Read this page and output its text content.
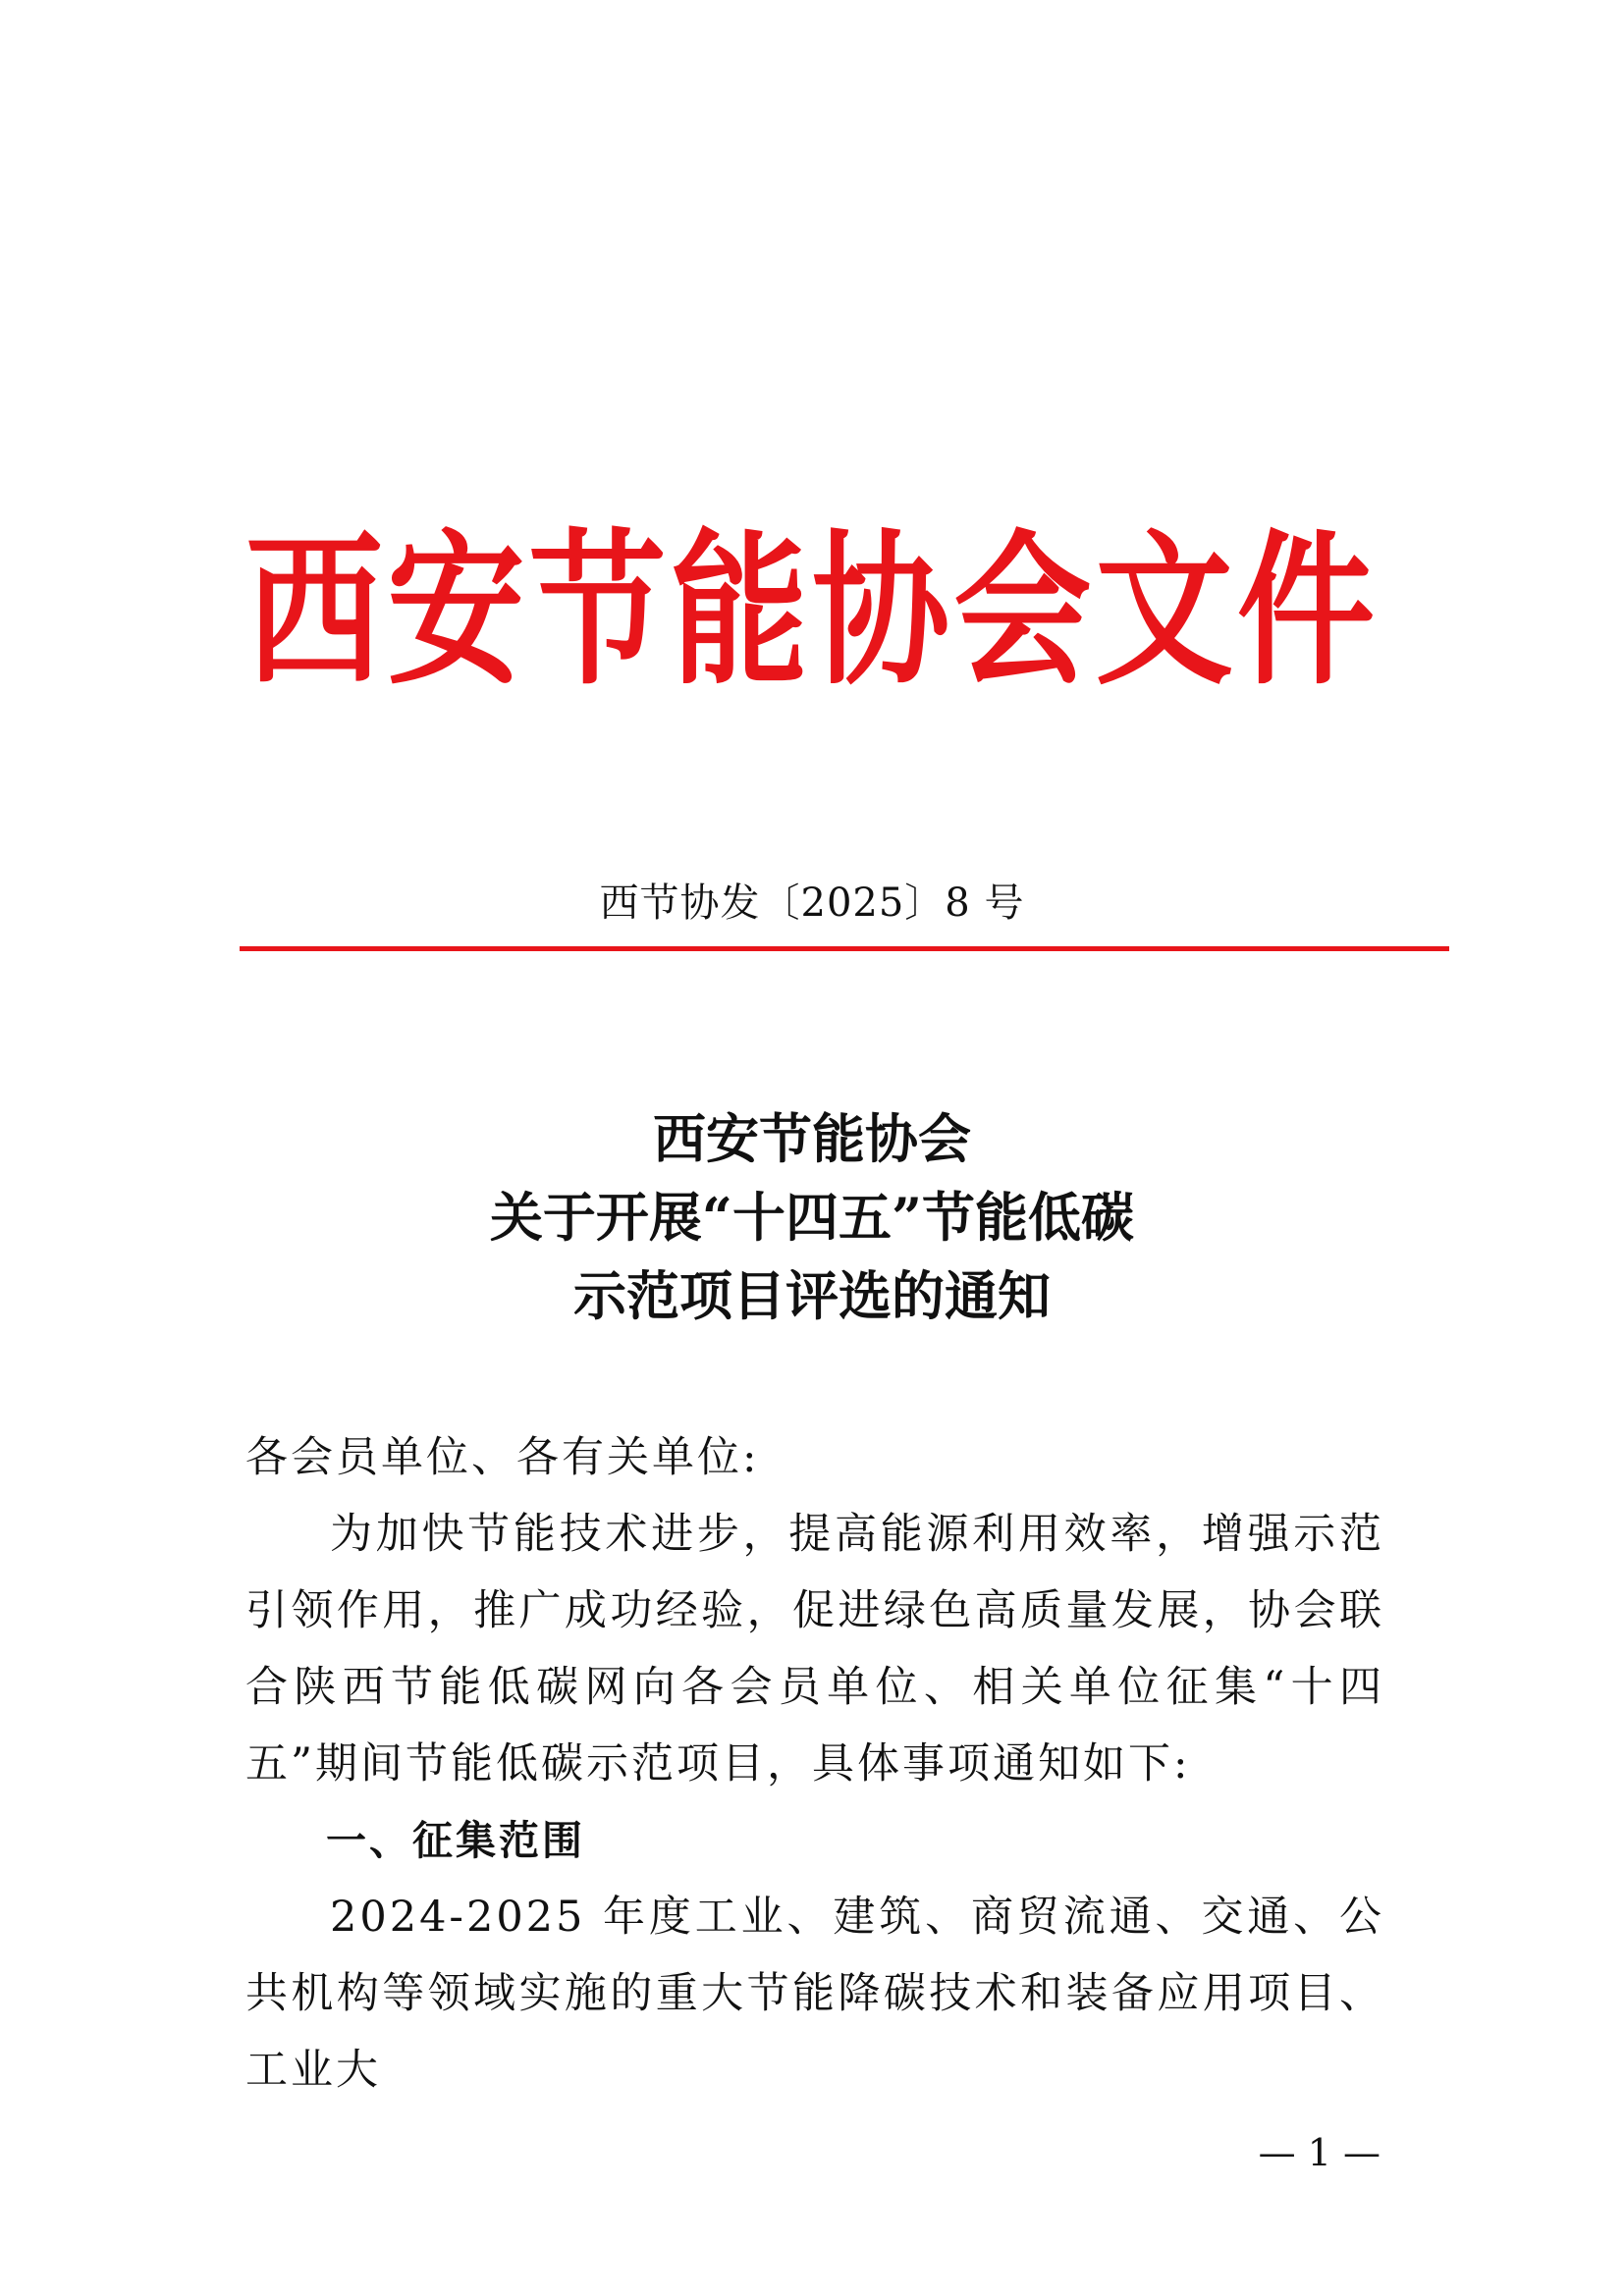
西 安 节 能 协 会 文 件
西节协发〔2025〕8 号
西安节能协会
关于开展“十四五”节能低碳
示范项目评选的通知

各会员单位、各有关单位:

为加快节能技术进步，提高能源利用效率，增强示范引领作用，推广成功经验，促进绿色高质量发展，协会联合陕西节能低碳网向各会员单位、相关单位征集“十四五”期间节能低碳示范项目，具体事项通知如下:

一、征集范围

2024-2025 年度工业、建筑、商贸流通、交通、公共机构等领域实施的重大节能降碳技术和装备应用项目、工业大

— 1 —
